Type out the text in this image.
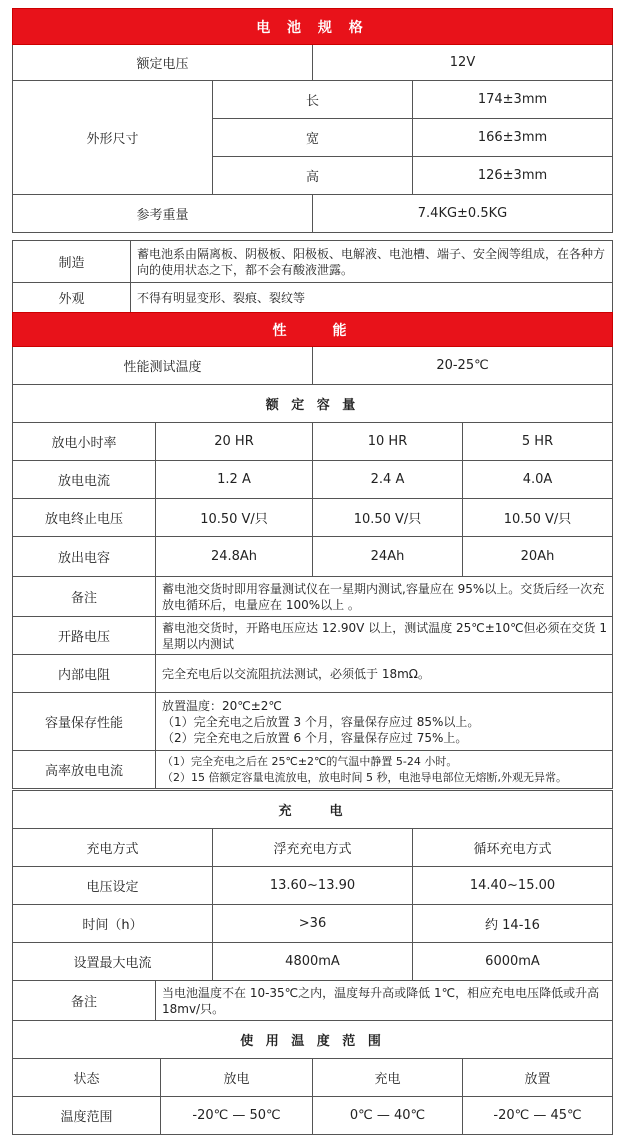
电 池 规 格			
额定电压		12V	
外形尺寸	长		174±3mm
	宽		166±3mm
	高		126±3mm
参考重量		7.4KG±0.5KG	
制造	蓄电池系由隔离板、阴极板、阳极板、电解液、电池槽、端子、安全阀等组成，在各种方向的使用状态之下，都不会有酸液泄露。
外观	不得有明显变形、裂痕、裂纹等
性　　能
性能测试温度	20-25℃
额 定 容 量
放电小时率	20 HR	10 HR	5 HR
放电电流	1.2 A	2.4 A	4.0A
放电终止电压	10.50 V/只	10.50 V/只	10.50 V/只
放出电容	24.8Ah	24Ah	20Ah
备注	蓄电池交货时即用容量测试仪在一星期内测试,容量应在 95%以上。交货后经一次充放电循环后，电量应在 100%以上 。
开路电压	蓄电池交货时，开路电压应达 12.90V 以上，测试温度 25℃±10℃但必须在交货 1 星期以内测试
内部电阻	完全充电后以交流阻抗法测试，必须低于 18mΩ。
容量保存性能	放置温度：20℃±2℃
（1）完全充电之后放置 3 个月，容量保存应过 85%以上。
（2）完全充电之后放置 6 个月，容量保存应过 75%上。

高率放电电流	（1）完全充电之后在 25℃±2℃的气温中静置 5-24 小时。
（2）15 倍额定容量电流放电，放电时间 5 秒，电池导电部位无熔断,外观无异常。
充　　电		
充电方式	浮充充电方式	循环充电方式
电压设定	13.60~13.90	14.40~15.00
时间（h）	>36	约 14-16
设置最大电流	4800mA	6000mA
备注	当电池温度不在 10-35℃之内，温度每升高或降低 1℃，相应充电电压降低或升高 18mv/只。
使 用 温 度 范 围			
状态	放电	充电	放置
温度范围	-20℃ — 50℃	0℃ — 40℃	-20℃ — 45℃
